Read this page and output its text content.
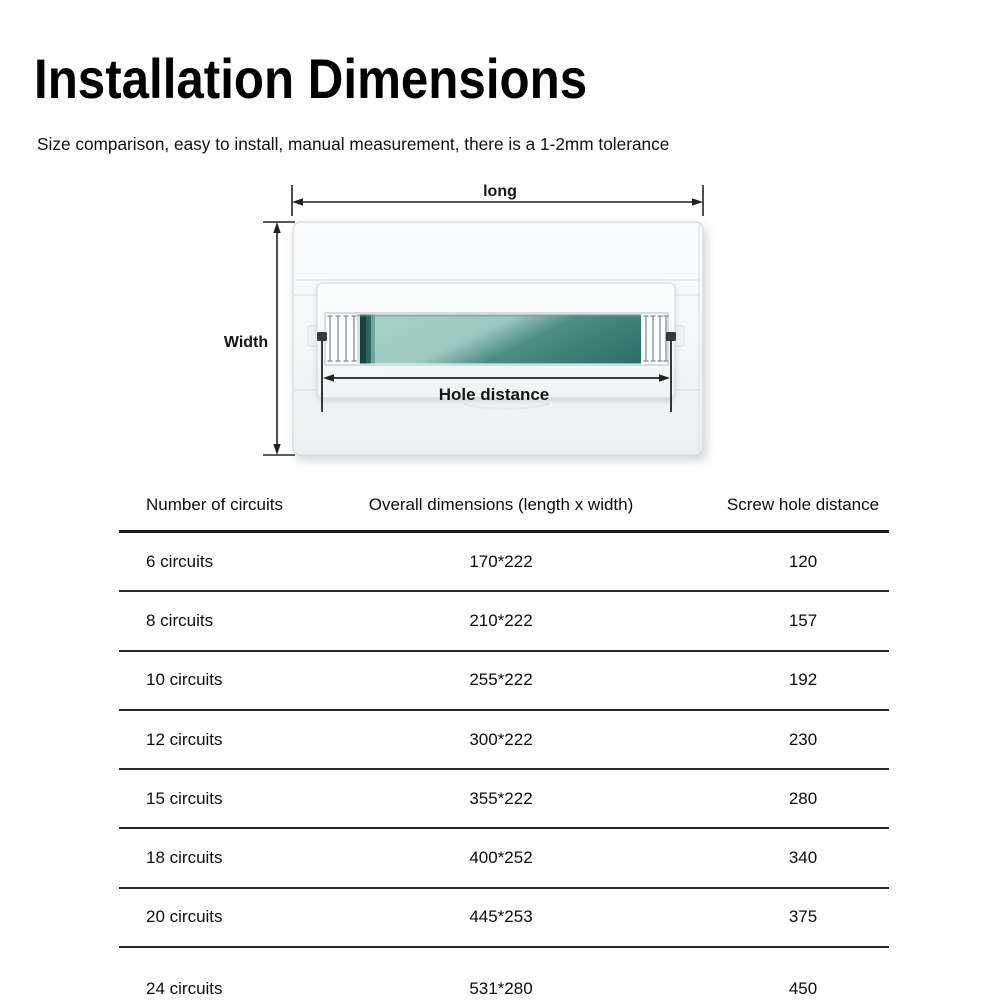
Installation Dimensions

Size comparison, easy to install, manual measurement, there is a 1-2mm tolerance

long
Width
Hole distance
Number of circuits	Overall dimensions (length x width)	Screw hole distance
6 circuits	170*222	120
8 circuits	210*222	157
10 circuits	255*222	192
12 circuits	300*222	230
15 circuits	355*222	280
18 circuits	400*252	340
20 circuits	445*253	375
24 circuits	531*280	450
